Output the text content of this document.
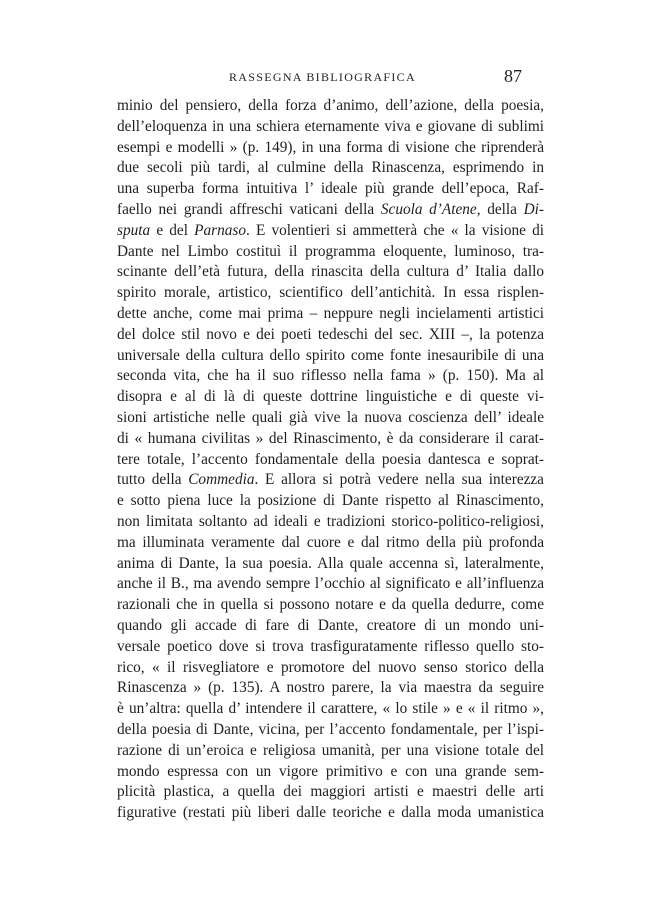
RASSEGNA BIBLIOGRAFICA	87
minio del pensiero, della forza d’animo, dell’azione, della poesia,
dell’eloquenza in una schiera eternamente viva e giovane di sublimi
esempi e modelli » (p. 149), in una forma di visione che riprenderà
due secoli più tardi, al culmine della Rinascenza, esprimendo in
una superba forma intuitiva l’ ideale più grande dell’epoca, Raf-
faello nei grandi affreschi vaticani della Scuola d’Atene, della Di-
sputa e del Parnaso. E volentieri si ammetterà che « la visione di
Dante nel Limbo costituì il programma eloquente, luminoso, tra-
scinante dell’età futura, della rinascita della cultura d’ Italia dallo
spirito morale, artistico, scientifico dell’antichità. In essa risplen-
dette anche, come mai prima – neppure negli incielamenti artistici
del dolce stil novo e dei poeti tedeschi del sec. XIII –, la potenza
universale della cultura dello spirito come fonte inesauribile di una
seconda vita, che ha il suo riflesso nella fama » (p. 150). Ma al
disopra e al di là di queste dottrine linguistiche e di queste vi-
sioni artistiche nelle quali già vive la nuova coscienza dell’ ideale
di « humana civilitas » del Rinascimento, è da considerare il carat-
tere totale, l’accento fondamentale della poesia dantesca e soprat-
tutto della Commedia. E allora si potrà vedere nella sua interezza
e sotto piena luce la posizione di Dante rispetto al Rinascimento,
non limitata soltanto ad ideali e tradizioni storico-politico-religiosi,
ma illuminata veramente dal cuore e dal ritmo della più profonda
anima di Dante, la sua poesia. Alla quale accenna sì, lateralmente,
anche il B., ma avendo sempre l’occhio al significato e all’influenza
razionali che in quella si possono notare e da quella dedurre, come
quando gli accade di fare di Dante, creatore di un mondo uni-
versale poetico dove si trova trasfiguratamente riflesso quello sto-
rico, « il risvegliatore e promotore del nuovo senso storico della
Rinascenza » (p. 135). A nostro parere, la via maestra da seguire
è un’altra: quella d’ intendere il carattere, « lo stile » e « il ritmo »,
della poesia di Dante, vicina, per l’accento fondamentale, per l’ispi-
razione di un’eroica e religiosa umanità, per una visione totale del
mondo espressa con un vigore primitivo e con una grande sem-
plicità plastica, a quella dei maggiori artisti e maestri delle arti
figurative (restati più liberi dalle teoriche e dalla moda umanistica
